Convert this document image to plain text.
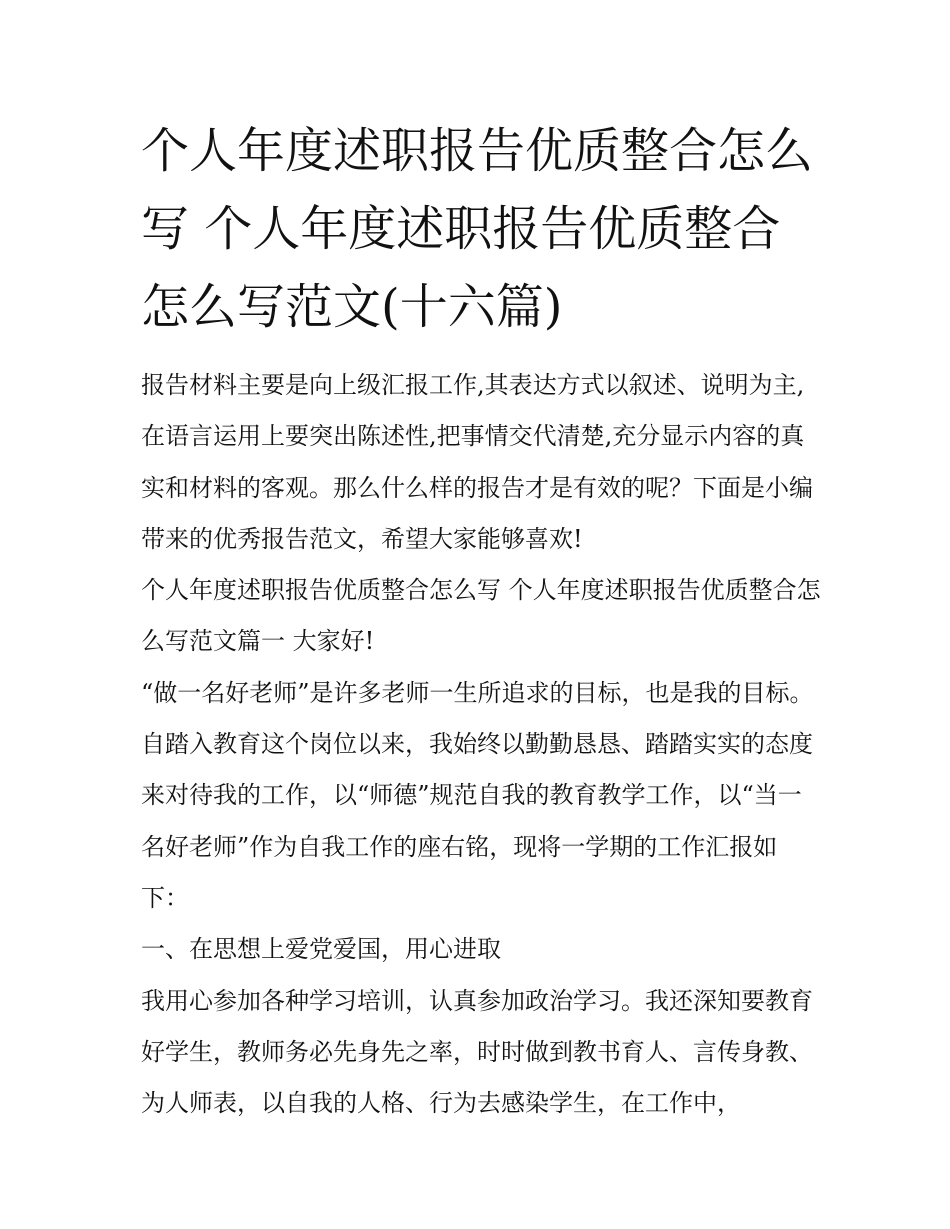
个人年度述职报告优质整合怎么写 个人年度述职报告优质整合怎么写范文(十六篇)

报告材料主要是向上级汇报工作,其表达方式以叙述、说明为主,在语言运用上要突出陈述性,把事情交代清楚,充分显示内容的真实和材料的客观。那么什么样的报告才是有效的呢？下面是小编带来的优秀报告范文，希望大家能够喜欢!

个人年度述职报告优质整合怎么写 个人年度述职报告优质整合怎么写范文篇一 大家好!

“做一名好老师”是许多老师一生所追求的目标，也是我的目标。自踏入教育这个岗位以来，我始终以勤勤恳恳、踏踏实实的态度来对待我的工作，以“师德”规范自我的教育教学工作，以“当一名好老师”作为自我工作的座右铭，现将一学期的工作汇报如下：

一、在思想上爱党爱国，用心进取

我用心参加各种学习培训，认真参加政治学习。我还深知要教育好学生，教师务必先身先之率，时时做到教书育人、言传身教、为人师表，以自我的人格、行为去感染学生，在工作中，
